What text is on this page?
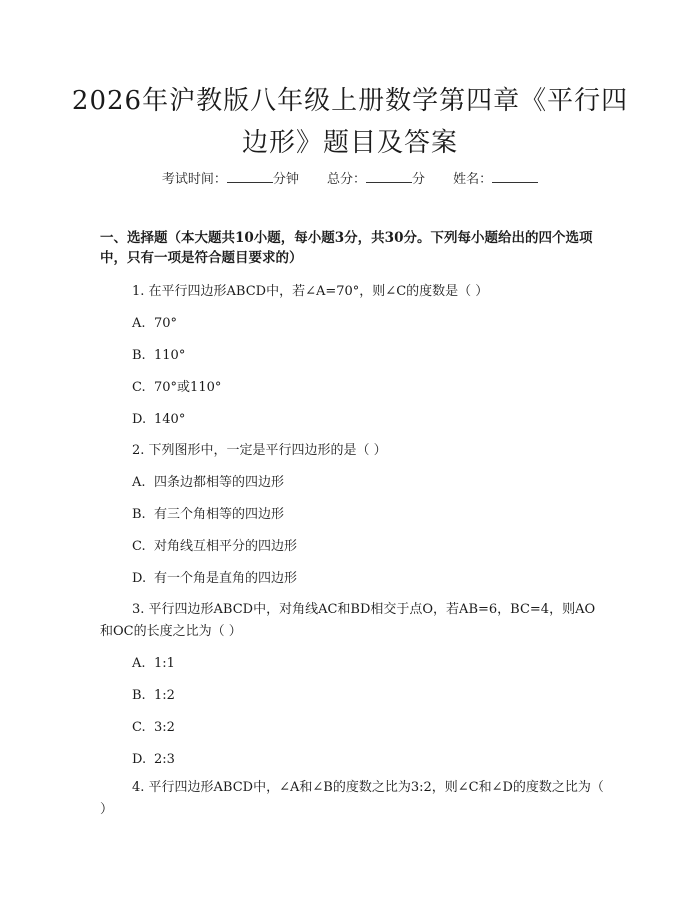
2026年沪教版八年级上册数学第四章《平行四边形》题目及答案
考试时间：	分钟 总分：	分 姓名：

一、选择题（本大题共10小题，每小题3分，共30分。下列每小题给出的四个选项中，只有一项是符合题目要求的）

1. 在平行四边形ABCD中，若∠A=70°，则∠C的度数是（ ）

A. 70°

B. 110°

C. 70°或110°

D. 140°

2. 下列图形中，一定是平行四边形的是（ ）

A. 四条边都相等的四边形

B. 有三个角相等的四边形

C. 对角线互相平分的四边形

D. 有一个角是直角的四边形

3. 平行四边形ABCD中，对角线AC和BD相交于点O，若AB=6，BC=4，则AO和OC的长度之比为（ ）

A. 1:1

B. 1:2

C. 3:2

D. 2:3

4. 平行四边形ABCD中，∠A和∠B的度数之比为3:2，则∠C和∠D的度数之比为（ ）
